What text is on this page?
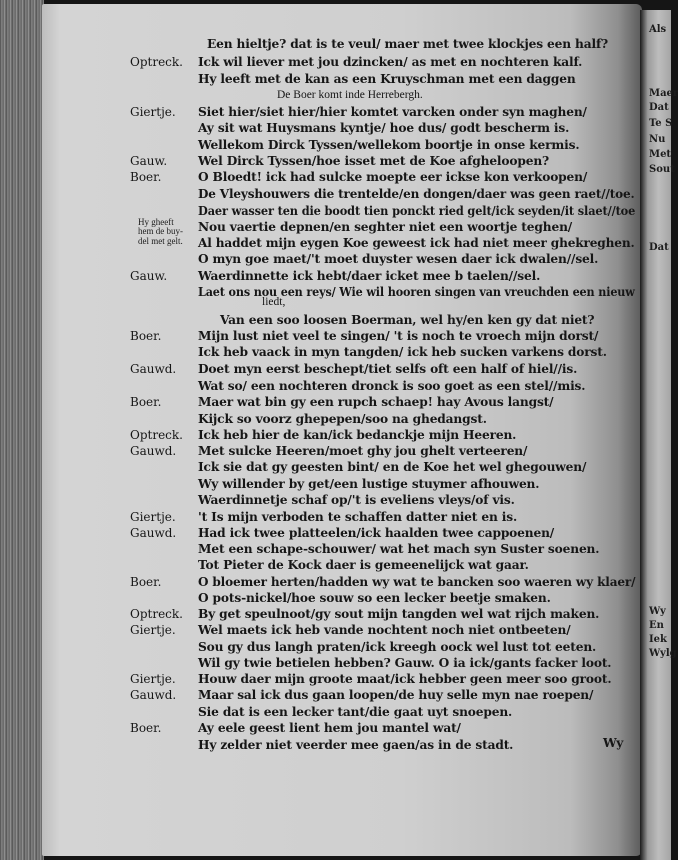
Een hieltje? dat is te veul/ maer met twee klockjes een half?
Optreck. Ick wil liever met jou dzincken/ as met en nochteren kalf.
Hy leeft met de kan as een Kruyschman met een daggen
De Boer komt inde Herrebergh.
Giertje. Siet hier/siet hier/hier komtet varcken onder syn maghen/
Ay sit wat Huysmans kyntje/ hoe dus/ godt bescherm is.
Wellekom Dirck Tyssen/wellekom boortje in onse kermis.
Gauw.	Wel Dirck Tyssen/hoe isset met de Koe afgheloopen?
Boer.	O Bloedt! ick had sulcke moepte eer ickse kon verkoopen/
De Vleyshouwers die trentelde/en dongen/daer was geen raet//toe.
Daer wasser ten die boodt tien ponckt ried gelt/ick seyden/it slaet//toe
Nou vaertie depnen/en seghter niet een woortje teghen/
Al haddet mijn eygen Koe geweest ick had niet meer ghekreghen.
O myn goe maet/'t moet duyster wesen daer ick dwalen//sel.
Gauw.	Waerdinnette ick hebt/daer icket mee b taelen//sel.
Laet ons nou een reys/ Wie wil hooren singen van vreuchden een nieuw
liedt,
Van een soo loosen Boerman, wel hy/en ken gy dat niet?
Boer.	Mijn lust niet veel te singen/ 't is noch te vroech mijn dorst/
Ick heb vaack in myn tangden/ ick heb sucken varkens dorst.
Gauwd. Doet myn eerst beschept/tiet selfs oft een half of hiel//is.
Wat so/ een nochteren dronck is soo goet as een stel//mis.
Boer.	Maer wat bin gy een rupch schaep! hay Avous langst/
Kijck so voorz ghepepen/soo na ghedangst.
Optreck. Ick heb hier de kan/ick bedanckje mijn Heeren.
Gauwd. Met sulcke Heeren/moet ghy jou ghelt verteeren/
Ick sie dat gy geesten bint/ en de Koe het wel ghegouwen/
Wy willender by get/een lustige stuymer afhouwen.
Waerdinnetje schaf op/'t is eveliens vleys/of vis.
Giertje. 't Is mijn verboden te schaffen datter niet en is.
Gauwd. Had ick twee platteelen/ick haalden twee cappoenen/
Met een schape-schouwer/ wat het mach syn Suster soenen.
Tot Pieter de Kock daer is gemeenelijck wat gaar.
Boer.	O bloemer herten/hadden wy wat te bancken soo waeren wy klaer/
O pots-nickel/hoe souw so een lecker beetje smaken.
Optreck. By get speulnoot/gy sout mijn tangden wel wat rijch maken.
Giertje. Wel maets ick heb vande nochtent noch niet ontbeeten/
Sou gy dus langh praten/ick kreegh oock wel lust tot eeten.
Wil gy twie betielen hebben? Gauw. O ia ick/gants facker loot.
Giertje. Houw daer mijn groote maat/ick hebber geen meer soo groot.
Gauwd. Maar sal ick dus gaan loopen/de huy selle myn nae roepen/
Sie dat is een lecker tant/die gaat uyt snoepen.
Boer.	Ay eele geest lient hem jou mantel wat/
Hy zelder niet veerder mee gaen/as in de stadt.
Hy gheeft
hem de buy-
del met gelt.
Wy
Als
Maer
Dat
Te S
Nu
Met
Sout
Dat
Wy
En
Iek
Wylg
